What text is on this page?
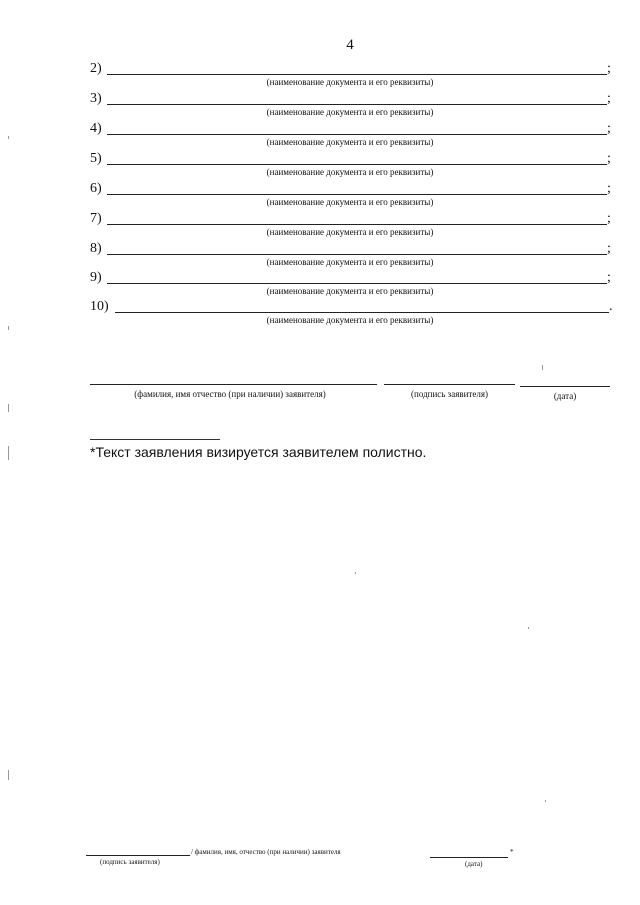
4
2)	;
(наименование документа и его реквизиты)
3)	;
(наименование документа и его реквизиты)
4)	;
(наименование документа и его реквизиты)
5)	;
(наименование документа и его реквизиты)
6)	;
(наименование документа и его реквизиты)
7)	;
(наименование документа и его реквизиты)
8)	;
(наименование документа и его реквизиты)
9)	;
(наименование документа и его реквизиты)
10)	.
(наименование документа и его реквизиты)
(фамилия, имя отчество (при наличии) заявителя)	(подпись заявителя)	(дата)
*Текст заявления визируется заявителем полистно.
(подпись заявителя)
/ фамилия, имя, отчество (при наличии) заявителя	*
(дата)
